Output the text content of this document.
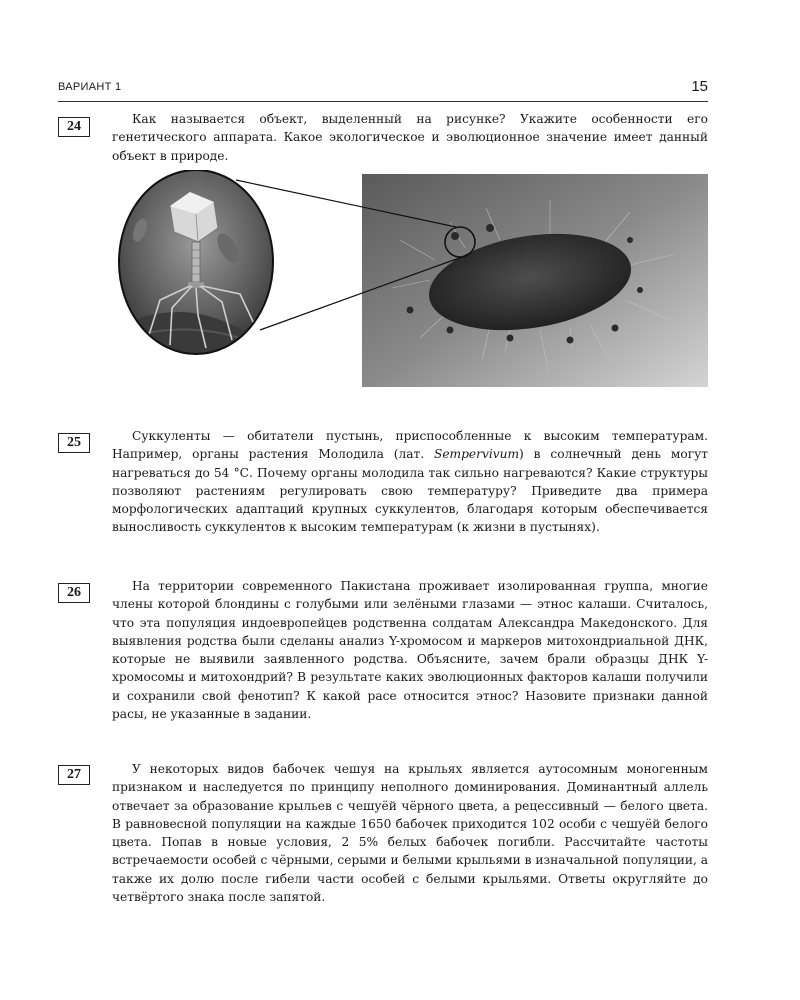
ВАРИАНТ 1	15
24	Как называется объект, выделенный на рисунке? Укажите особенности его генетического аппарата. Какое экологическое и эволюционное значение имеет данный объект в природе.

25	Суккуленты — обитатели пустынь, приспособленные к высоким температурам. Например, органы растения Молодила (лат. Sempervivum) в солнечный день могут нагреваться до 54 °С. Почему органы молодила так сильно нагреваются? Какие структуры позволяют растениям регулировать свою температуру? Приведите два примера морфологических адаптаций крупных суккулентов, благодаря которым обеспечивается выносливость суккулентов к высоким температурам (к жизни в пустынях).

26	На территории современного Пакистана проживает изолированная группа, многие члены которой блондины с голубыми или зелёными глазами — этнос калаши. Считалось, что эта популяция индоевропейцев родственна солдатам Александра Македонского. Для выявления родства были сделаны анализ Y-хромосом и маркеров митохондриальной ДНК, которые не выявили заявленного родства. Объясните, зачем брали образцы ДНК Y-хромосомы и митохондрий? В результате каких эволюционных факторов калаши получили и сохранили свой фенотип? К какой расе относится этнос? Назовите признаки данной расы, не указанные в задании.

27	У некоторых видов бабочек чешуя на крыльях является аутосомным моногенным признаком и наследуется по принципу неполного доминирования. Доминантный аллель отвечает за образование крыльев с чешуёй чёрного цвета, а рецессивный — белого цвета. В равновесной популяции на каждые 1650 бабочек приходится 102 особи с чешуёй белого цвета. Попав в новые условия, 2 5% белых бабочек погибли. Рассчитайте частоты встречаемости особей с чёрными, серыми и белыми крыльями в изначальной популяции, а также их долю после гибели части особей с белыми крыльями. Ответы округляйте до четвёртого знака после запятой.
